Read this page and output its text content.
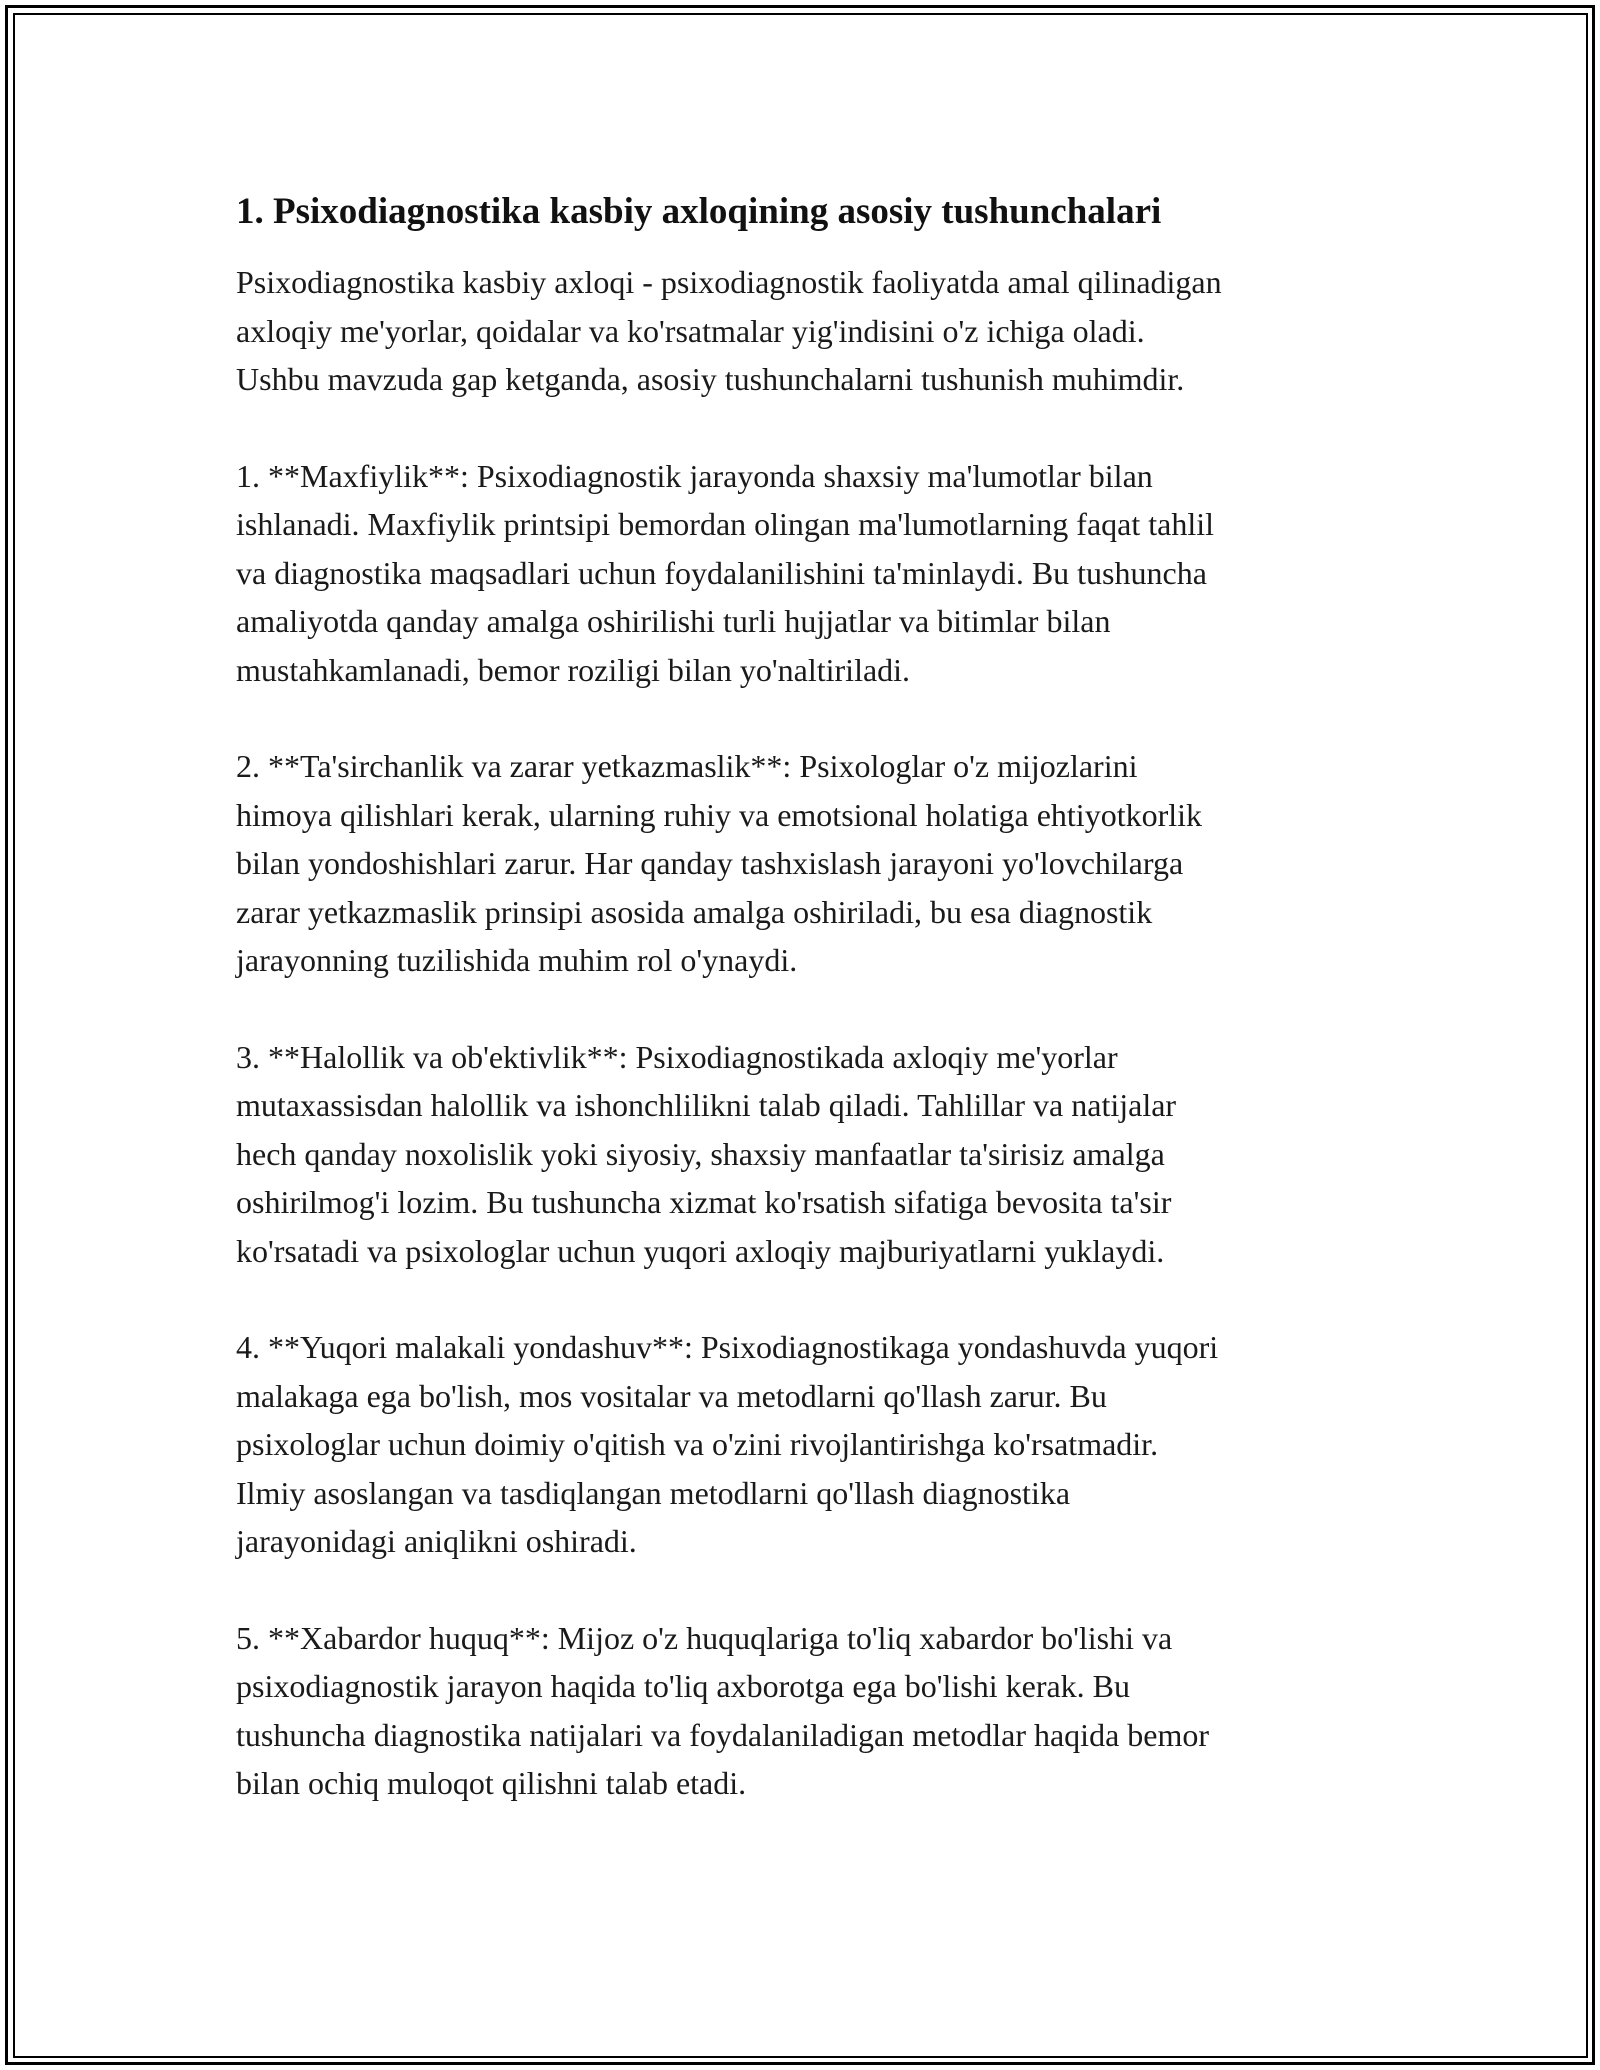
1. Psixodiagnostika kasbiy axloqining asosiy tushunchalari

Psixodiagnostika kasbiy axloqi - psixodiagnostik faoliyatda amal qilinadigan
axloqiy me'yorlar, qoidalar va ko'rsatmalar yig'indisini o'z ichiga oladi.
Ushbu mavzuda gap ketganda, asosiy tushunchalarni tushunish muhimdir.

1. **Maxfiylik**: Psixodiagnostik jarayonda shaxsiy ma'lumotlar bilan
ishlanadi. Maxfiylik printsipi bemordan olingan ma'lumotlarning faqat tahlil
va diagnostika maqsadlari uchun foydalanilishini ta'minlaydi. Bu tushuncha
amaliyotda qanday amalga oshirilishi turli hujjatlar va bitimlar bilan
mustahkamlanadi, bemor roziligi bilan yo'naltiriladi.

2. **Ta'sirchanlik va zarar yetkazmaslik**: Psixologlar o'z mijozlarini
himoya qilishlari kerak, ularning ruhiy va emotsional holatiga ehtiyotkorlik
bilan yondoshishlari zarur. Har qanday tashxislash jarayoni yo'lovchilarga
zarar yetkazmaslik prinsipi asosida amalga oshiriladi, bu esa diagnostik
jarayonning tuzilishida muhim rol o'ynaydi.

3. **Halollik va ob'ektivlik**: Psixodiagnostikada axloqiy me'yorlar
mutaxassisdan halollik va ishonchlilikni talab qiladi. Tahlillar va natijalar
hech qanday noxolislik yoki siyosiy, shaxsiy manfaatlar ta'sirisiz amalga
oshirilmog'i lozim. Bu tushuncha xizmat ko'rsatish sifatiga bevosita ta'sir
ko'rsatadi va psixologlar uchun yuqori axloqiy majburiyatlarni yuklaydi.

4. **Yuqori malakali yondashuv**: Psixodiagnostikaga yondashuvda yuqori
malakaga ega bo'lish, mos vositalar va metodlarni qo'llash zarur. Bu
psixologlar uchun doimiy o'qitish va o'zini rivojlantirishga ko'rsatmadir.
Ilmiy asoslangan va tasdiqlangan metodlarni qo'llash diagnostika
jarayonidagi aniqlikni oshiradi.

5. **Xabardor huquq**: Mijoz o'z huquqlariga to'liq xabardor bo'lishi va
psixodiagnostik jarayon haqida to'liq axborotga ega bo'lishi kerak. Bu
tushuncha diagnostika natijalari va foydalaniladigan metodlar haqida bemor
bilan ochiq muloqot qilishni talab etadi.
